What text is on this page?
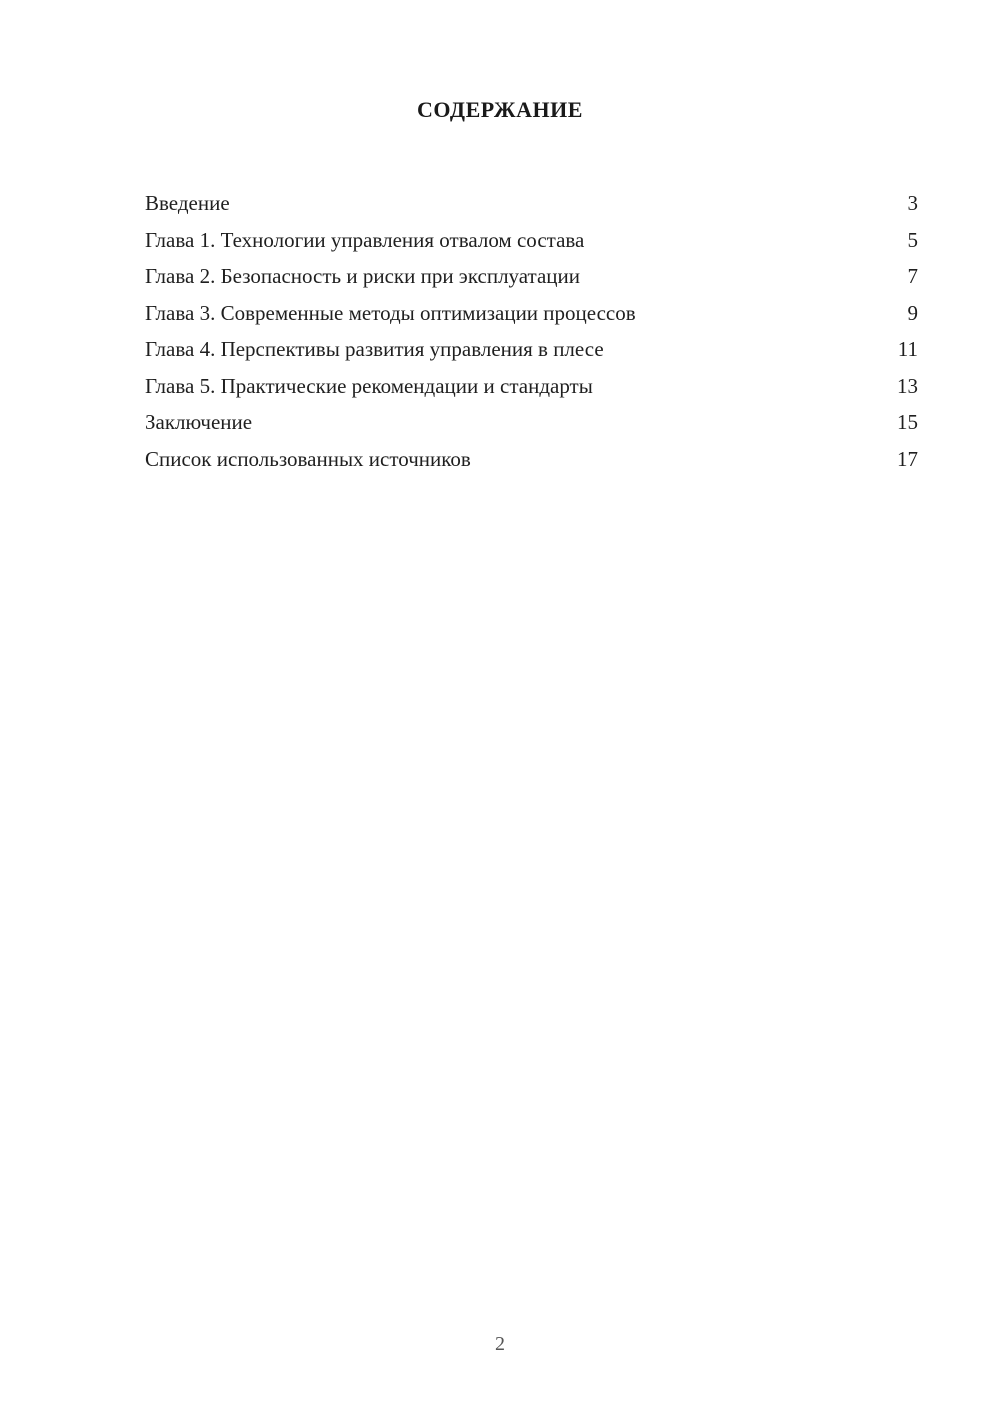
СОДЕРЖАНИЕ
Введение	3
Глава 1. Технологии управления отвалом состава	5
Глава 2. Безопасность и риски при эксплуатации	7
Глава 3. Современные методы оптимизации процессов	9
Глава 4. Перспективы развития управления в плесе	11
Глава 5. Практические рекомендации и стандарты	13
Заключение	15
Список использованных источников	17
2
